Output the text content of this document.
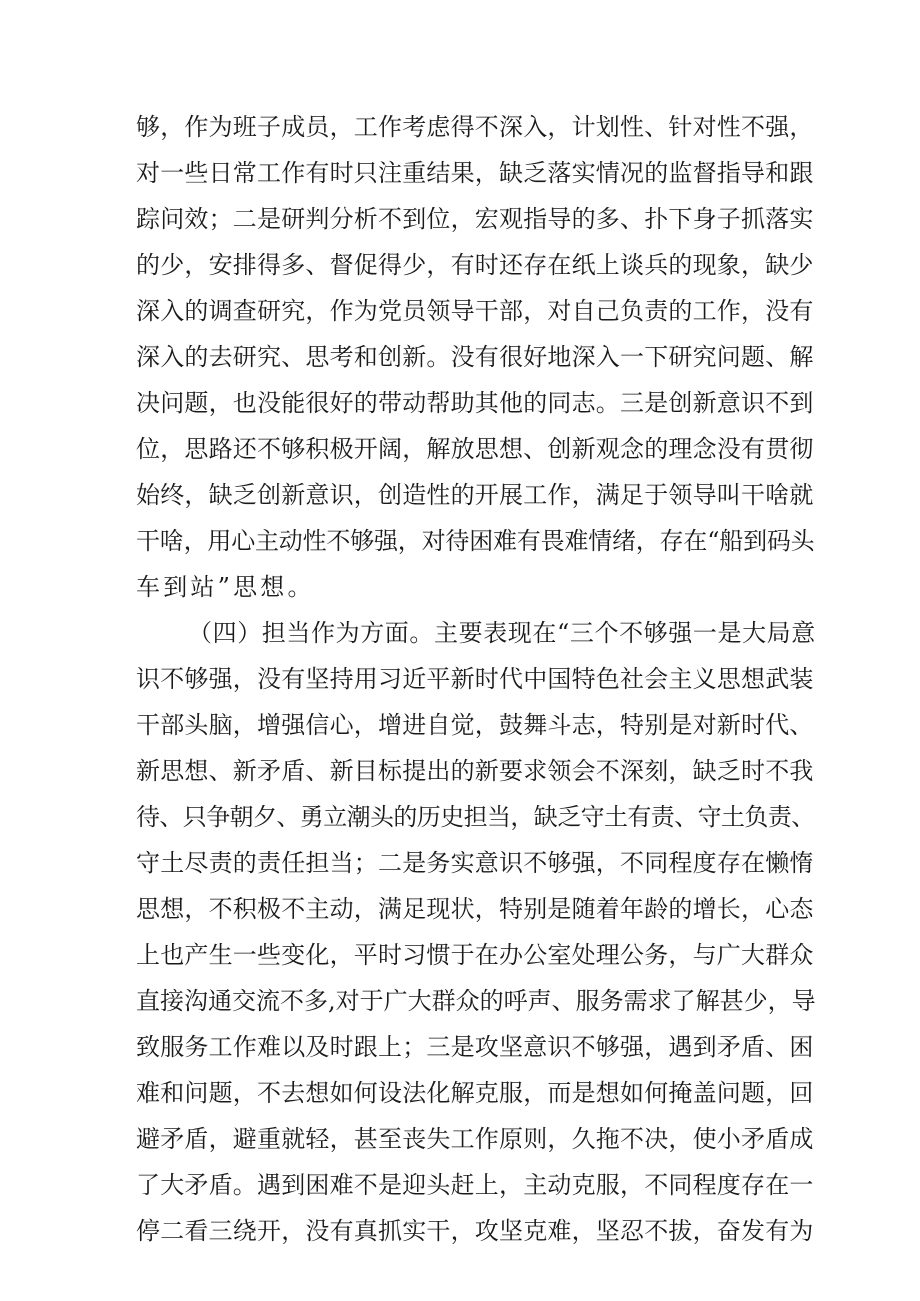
够，作为班子成员，工作考虑得不深入，计划性、针对性不强，
对一些日常工作有时只注重结果，缺乏落实情况的监督指导和跟
踪问效；二是研判分析不到位，宏观指导的多、扑下身子抓落实
的少，安排得多、督促得少，有时还存在纸上谈兵的现象，缺少
深入的调查研究，作为党员领导干部，对自己负责的工作，没有
深入的去研究、思考和创新。没有很好地深入一下研究问题、解
决问题，也没能很好的带动帮助其他的同志。三是创新意识不到
位，思路还不够积极开阔，解放思想、创新观念的理念没有贯彻
始终，缺乏创新意识，创造性的开展工作，满足于领导叫干啥就
干啥，用心主动性不够强，对待困难有畏难情绪，存在“船到码头
车到站”思想。
（四）担当作为方面。主要表现在“三个不够强一是大局意
识不够强，没有坚持用习近平新时代中国特色社会主义思想武装
干部头脑，增强信心，增进自觉，鼓舞斗志，特别是对新时代、
新思想、新矛盾、新目标提出的新要求领会不深刻，缺乏时不我
待、只争朝夕、勇立潮头的历史担当，缺乏守土有责、守土负责、
守土尽责的责任担当；二是务实意识不够强，不同程度存在懒惰
思想，不积极不主动，满足现状，特别是随着年龄的增长，心态
上也产生一些变化，平时习惯于在办公室处理公务，与广大群众
直接沟通交流不多,对于广大群众的呼声、服务需求了解甚少，导
致服务工作难以及时跟上；三是攻坚意识不够强，遇到矛盾、困
难和问题，不去想如何设法化解克服，而是想如何掩盖问题，回
避矛盾，避重就轻，甚至丧失工作原则，久拖不决，使小矛盾成
了大矛盾。遇到困难不是迎头赶上，主动克服，不同程度存在一
停二看三绕开，没有真抓实干，攻坚克难，坚忍不拔，奋发有为
